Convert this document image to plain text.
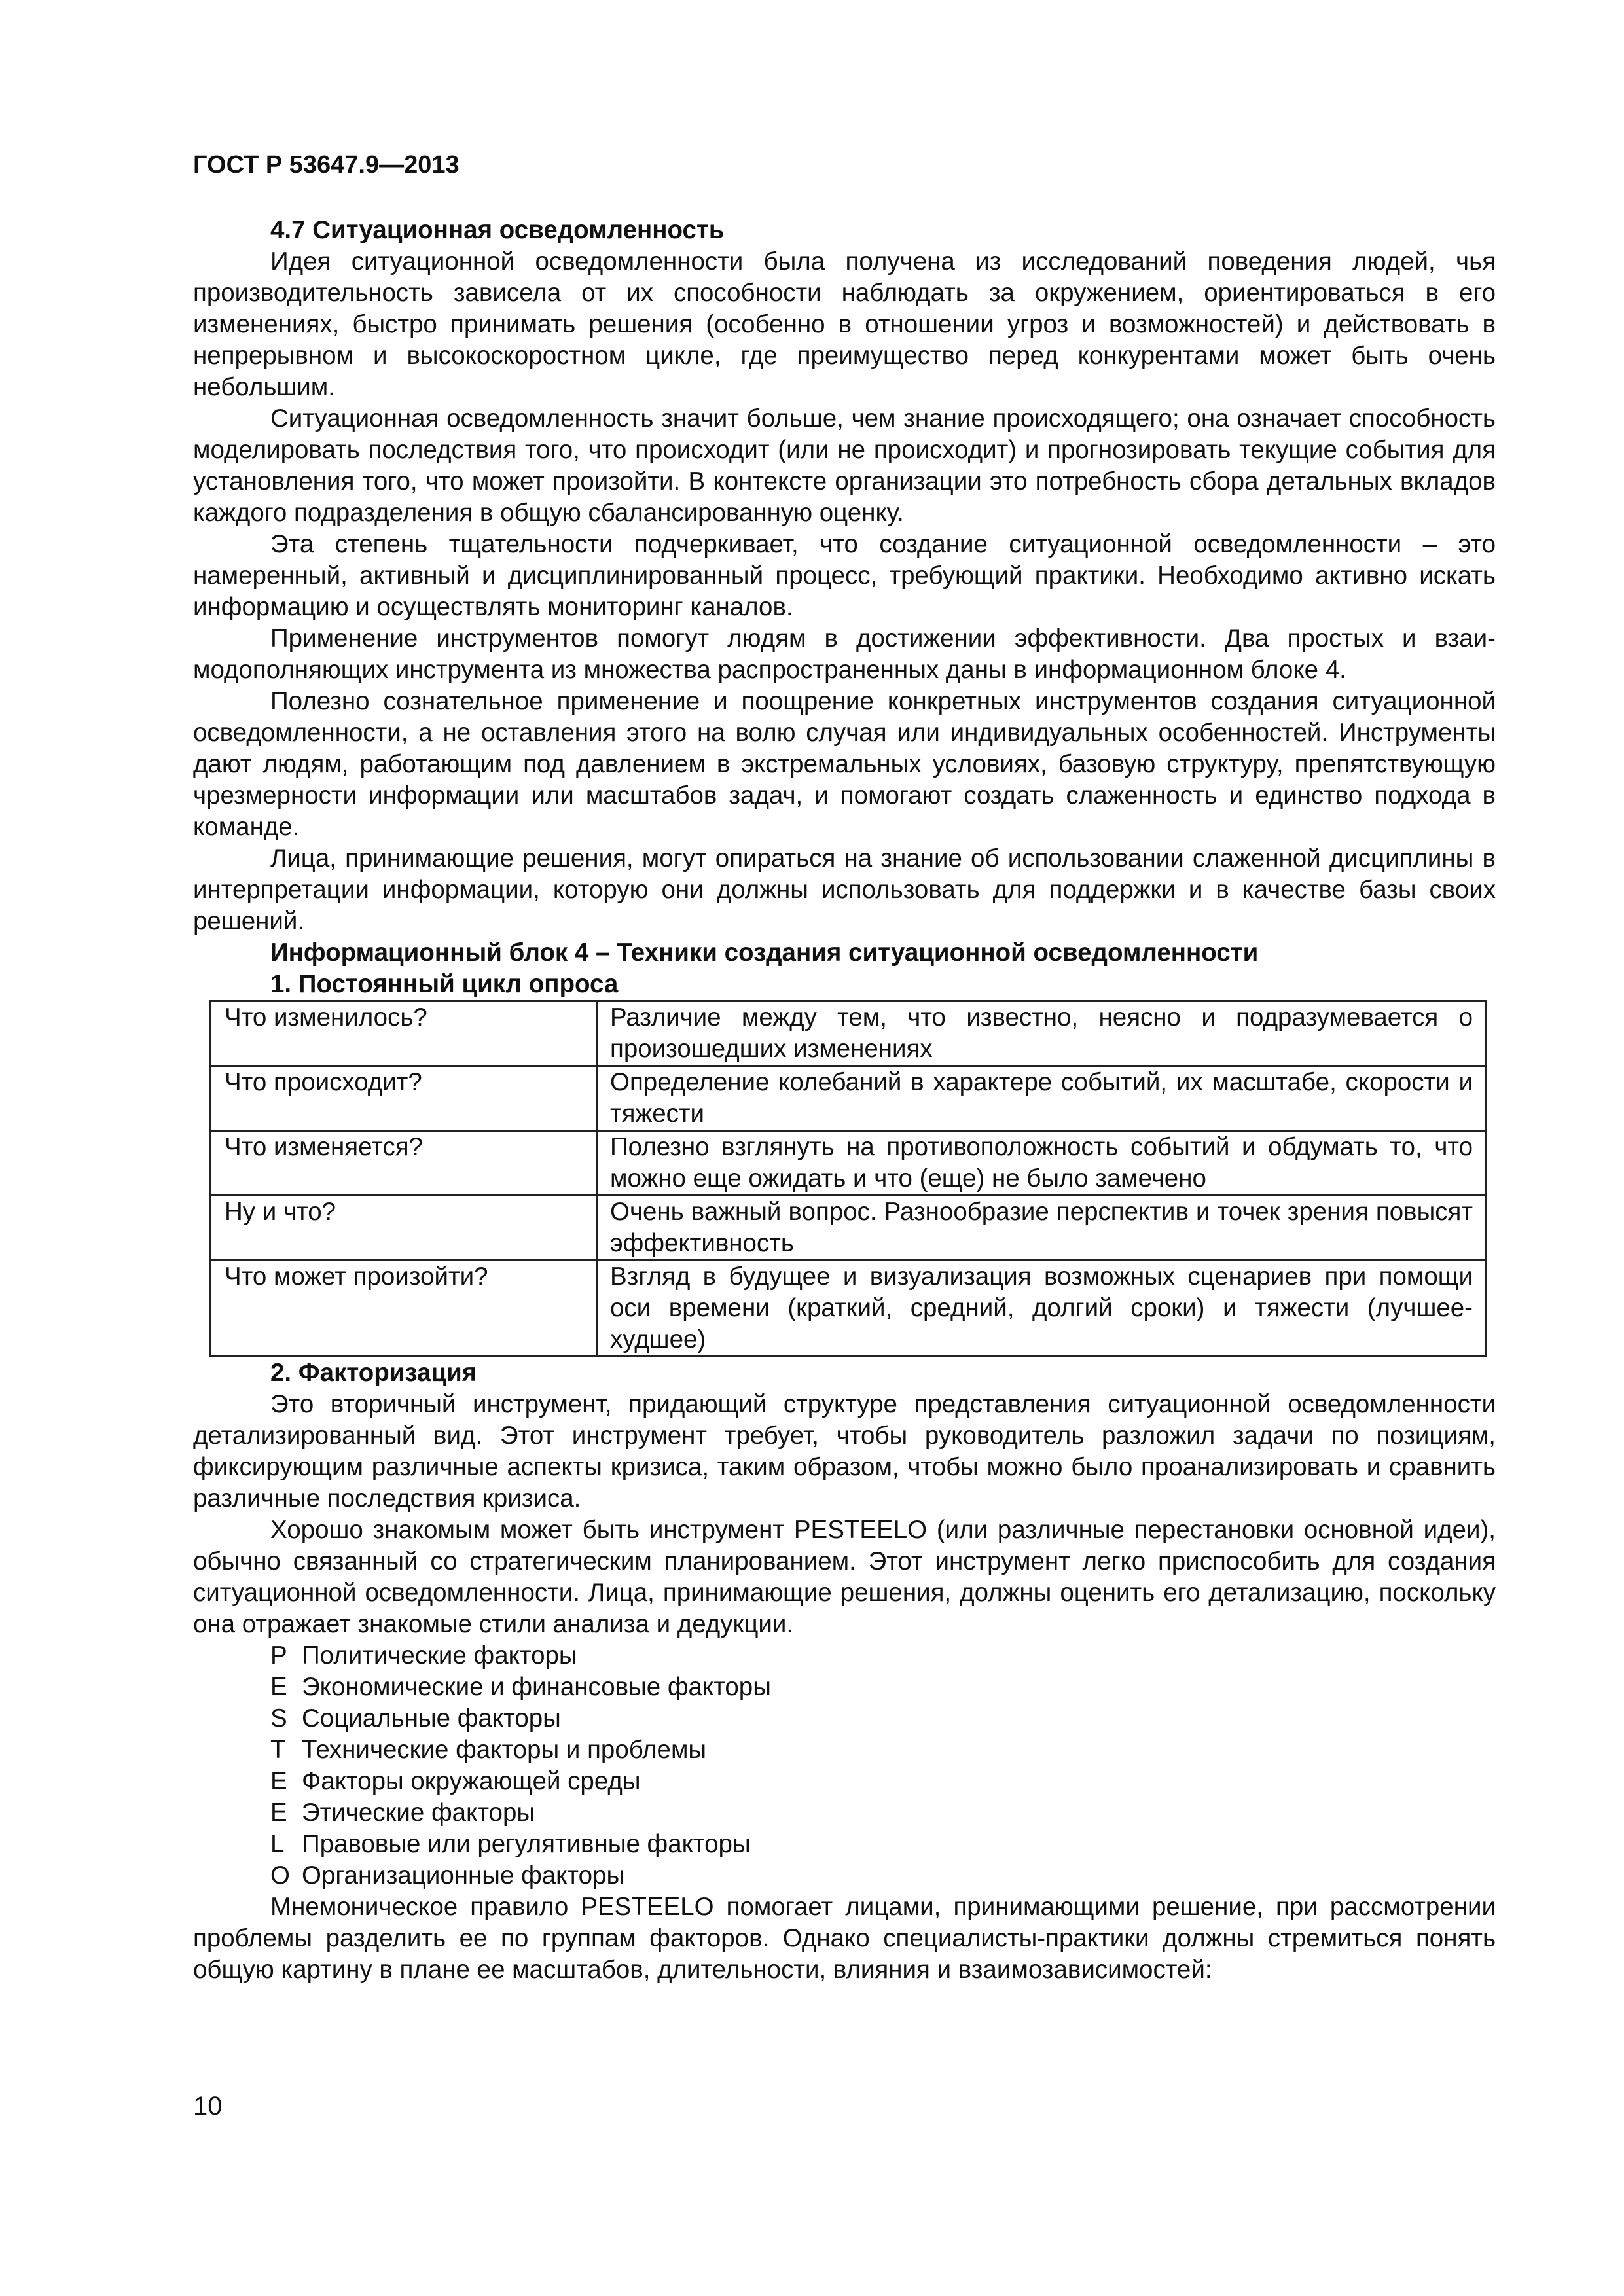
ГОСТ Р 53647.9—2013
4.7 Ситуационная осведомленность

Идея ситуационной осведомленности была получена из исследований поведения людей, чья производительность зависела от их способности наблюдать за окружением, ориентироваться в его изменениях, быстро принимать решения (особенно в отношении угроз и возможностей) и действовать в непрерывном и высокоскоростном цикле, где преимущество перед конкурентами может быть очень небольшим.

Ситуационная осведомленность значит больше, чем знание происходящего; она означает способность моделировать последствия того, что происходит (или не происходит) и прогнозировать текущие события для установления того, что может произойти. В контексте организации это потребность сбора детальных вкладов каждого подразделения в общую сбалансированную оценку.

Эта степень тщательности подчеркивает, что создание ситуационной осведомленности – это намеренный, активный и дисциплинированный процесс, требующий практики. Необходимо активно искать информацию и осуществлять мониторинг каналов.

Применение инструментов помогут людям в достижении эффективности. Два простых и взаимодополняющих инструмента из множества распространенных даны в информационном блоке 4.

Полезно сознательное применение и поощрение конкретных инструментов создания ситуационной осведомленности, а не оставления этого на волю случая или индивидуальных особенностей. Инструменты дают людям, работающим под давлением в экстремальных условиях, базовую структуру, препятствующую чрезмерности информации или масштабов задач, и помогают создать слаженность и единство подхода в команде.

Лица, принимающие решения, могут опираться на знание об использовании слаженной дисциплины в интерпретации информации, которую они должны использовать для поддержки и в качестве базы своих решений.

Информационный блок 4 – Техники создания ситуационной осведомленности
1. Постоянный цикл опроса
Что изменилось?	Различие между тем, что известно, неясно и подразумевается о произошедших изменениях
Что происходит?	Определение колебаний в характере событий, их масштабе, скорости и тяжести
Что изменяется?	Полезно взглянуть на противоположность событий и обдумать то, что можно еще ожидать и что (еще) не было замечено
Ну и что?	Очень важный вопрос. Разнообразие перспектив и точек зрения повысят эффективность
Что может произойти?	Взгляд в будущее и визуализация возможных сценариев при помощи оси времени (краткий, средний, долгий сроки) и тяжести (лучшее-худшее)
2. Факторизация

Это вторичный инструмент, придающий структуре представления ситуационной осведомленности детализированный вид. Этот инструмент требует, чтобы руководитель разложил задачи по позициям, фиксирующим различные аспекты кризиса, таким образом, чтобы можно было проанализировать и сравнить различные последствия кризиса.

Хорошо знакомым может быть инструмент PESTEELO (или различные перестановки основной идеи), обычно связанный со стратегическим планированием. Этот инструмент легко приспособить для создания ситуационной осведомленности. Лица, принимающие решения, должны оценить его детализацию, поскольку она отражает знакомые стили анализа и дедукции.

P Политические факторы
E Экономические и финансовые факторы
S Социальные факторы
T Технические факторы и проблемы
E Факторы окружающей среды
E Этические факторы
L Правовые или регулятивные факторы
O Организационные факторы

Мнемоническое правило PESTEELO помогает лицами, принимающими решение, при рассмотрении проблемы разделить ее по группам факторов. Однако специалисты-практики должны стремиться понять общую картину в плане ее масштабов, длительности, влияния и взаимозависимостей:

10
